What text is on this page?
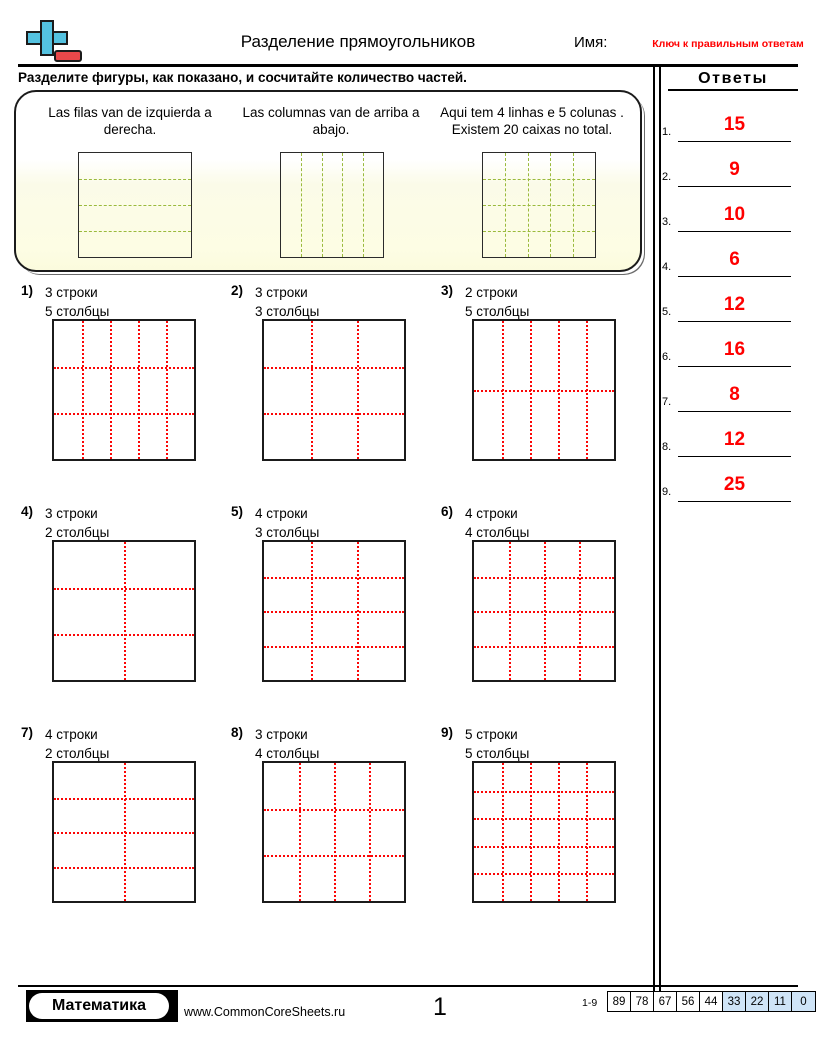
Разделение прямоугольников	Имя:	Ключ к правильным ответам
Разделите фигуры, как показано, и сосчитайте количество частей.
Las filas van de izquierda a derecha.
Las columnas van de arriba a abajo.
Aqui tem 4 linhas e 5 colunas . Existem 20 caixas no total.
Ответы
1.	15
2.	9
3.	10
4.	6
5.	12
6.	16
7.	8
8.	12
9.	25
1) 3 строки
5 столбцы
2) 3 строки
3 столбцы
3) 2 строки
5 столбцы
4) 3 строки
2 столбцы
5) 4 строки
3 столбцы
6) 4 строки
4 столбцы
7) 4 строки
2 столбцы
8) 3 строки
4 столбцы
9) 5 строки
5 столбцы
Математика	www.CommonCoreSheets.ru	1	1-9	89 78 67 56 44 33 22 11	0
